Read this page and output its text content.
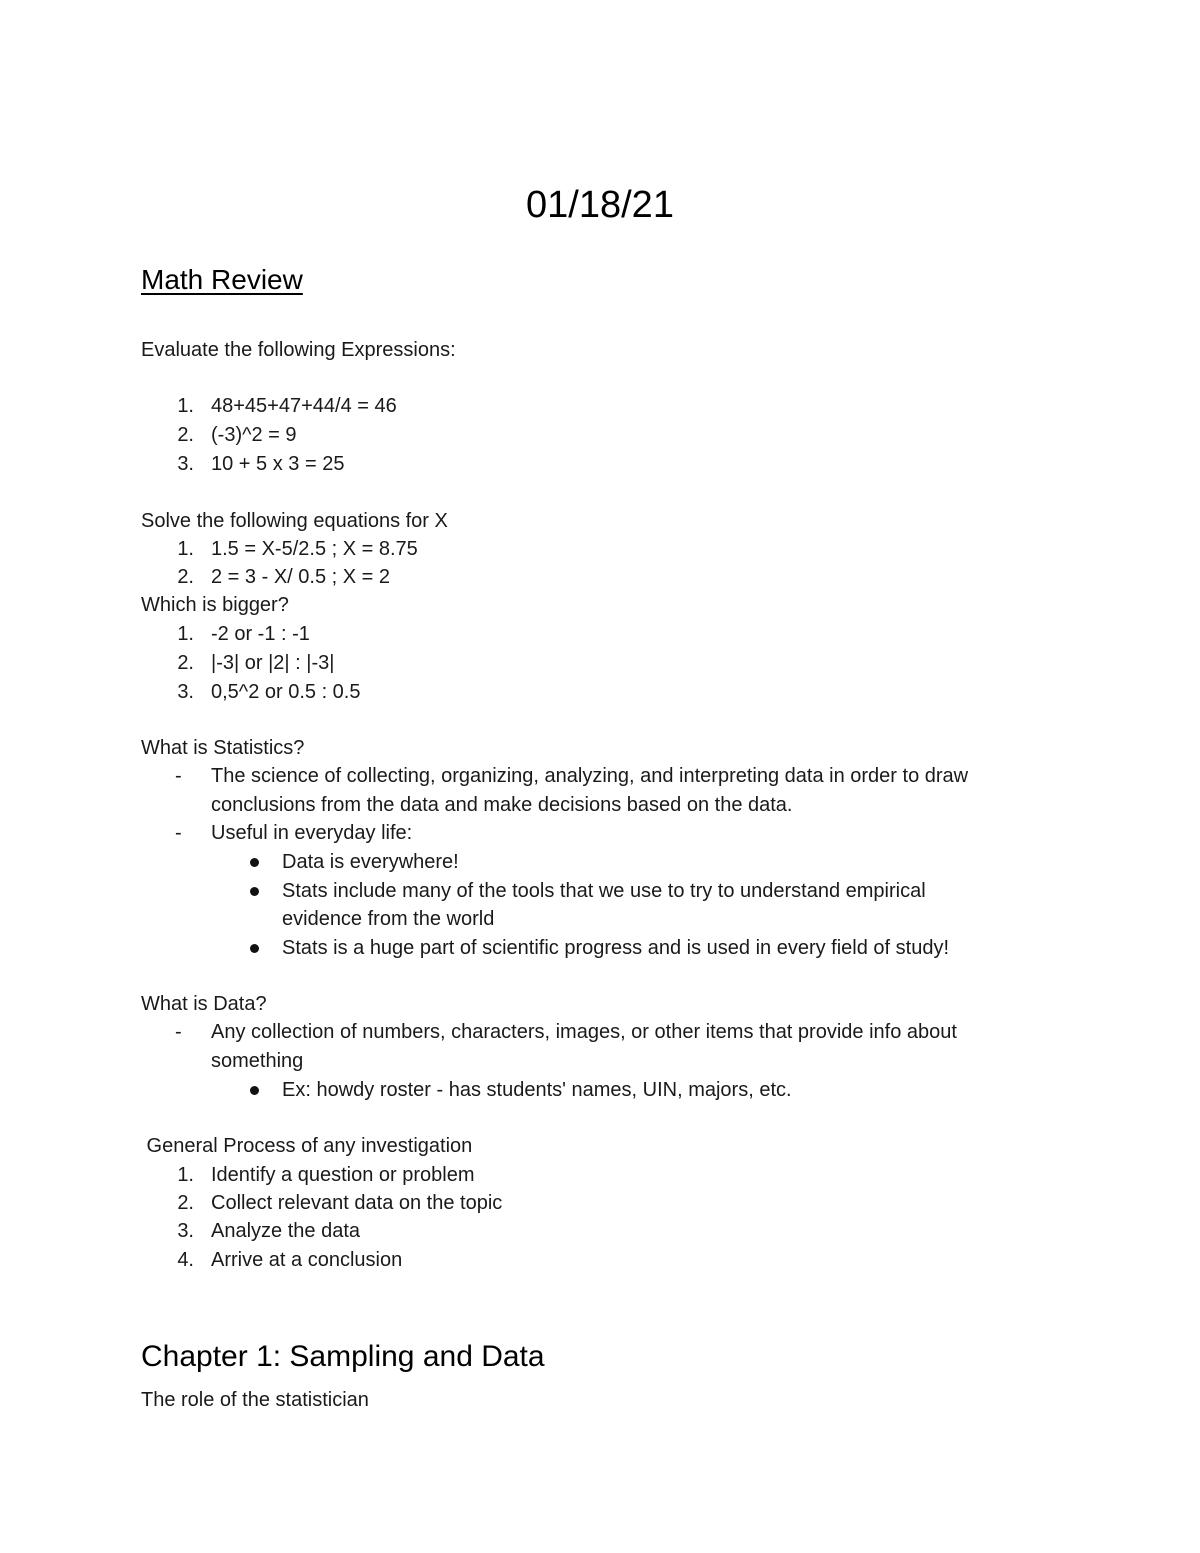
01/18/21
Math Review
Evaluate the following Expressions:
1. 48+45+47+44/4 = 46
2. (-3)^2 = 9
3. 10 + 5 x 3 = 25
Solve the following equations for X
1. 1.5 = X-5/2.5 ; X = 8.75
2. 2 = 3 - X/ 0.5 ; X = 2
Which is bigger?
1. -2 or -1 : -1
2. |-3| or |2| : |-3|
3. 0,5^2 or 0.5 : 0.5
What is Statistics?
- The science of collecting, organizing, analyzing, and interpreting data in order to draw
conclusions from the data and make decisions based on the data.
- Useful in everyday life:
Data is everywhere!
Stats include many of the tools that we use to try to understand empirical
evidence from the world
Stats is a huge part of scientific progress and is used in every field of study!
What is Data?
- Any collection of numbers, characters, images, or other items that provide info about
something
Ex: howdy roster - has students' names, UIN, majors, etc.
General Process of any investigation
1. Identify a question or problem
2. Collect relevant data on the topic
3. Analyze the data
4. Arrive at a conclusion
Chapter 1: Sampling and Data
The role of the statistician
